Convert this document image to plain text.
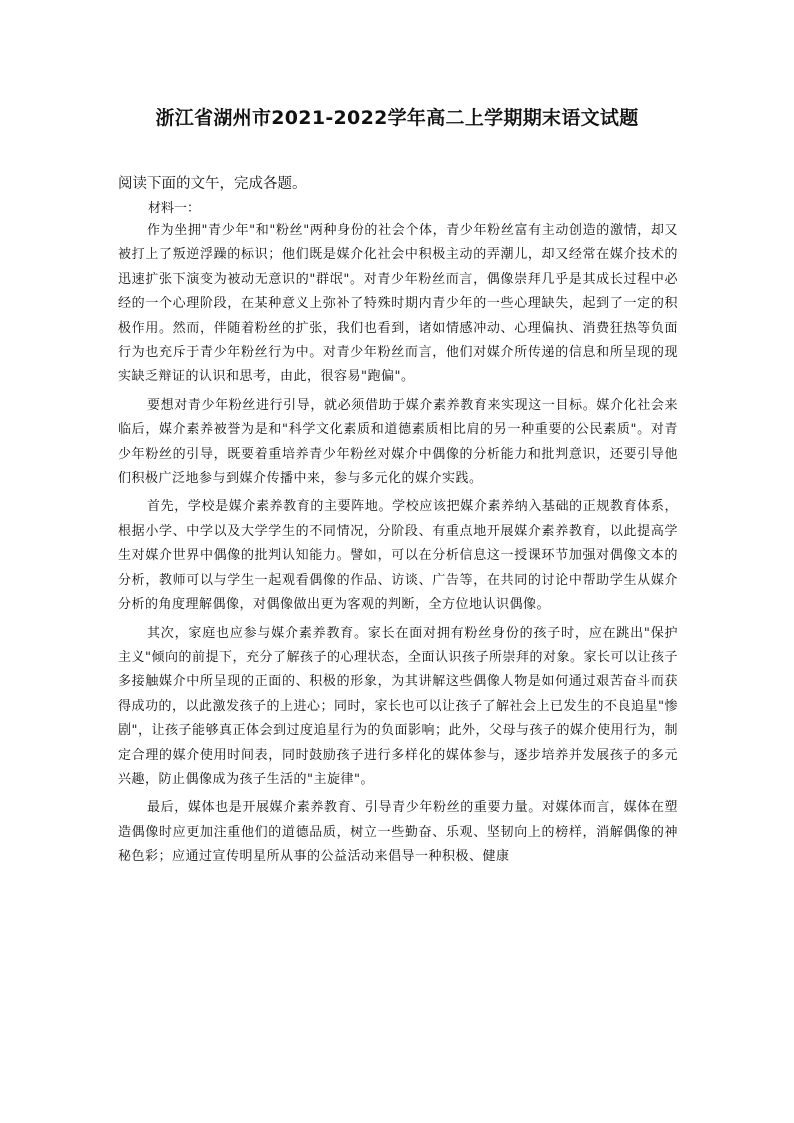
浙江省湖州市2021-2022学年高二上学期期末语文试题

阅读下面的文午，完成各题。

材料一：

作为坐拥"青少年"和"粉丝"两种身份的社会个体，青少年粉丝富有主动创造的激情，却又被打上了叛逆浮躁的标识；他们既是媒介化社会中积极主动的弄潮儿，却又经常在媒介技术的迅速扩张下演变为被动无意识的"群氓"。对青少年粉丝而言，偶像崇拜几乎是其成长过程中必经的一个心理阶段，在某种意义上弥补了特殊时期内青少年的一些心理缺失，起到了一定的积极作用。然而，伴随着粉丝的扩张，我们也看到，诸如情感冲动、心理偏执、消费狂热等负面行为也充斥于青少年粉丝行为中。对青少年粉丝而言，他们对媒介所传递的信息和所呈现的现实缺乏辩证的认识和思考，由此，很容易"跑偏"。

要想对青少年粉丝进行引导，就必须借助于媒介素养教育来实现这一目标。媒介化社会来临后，媒介素养被誉为是和"科学文化素质和道德素质相比肩的另一种重要的公民素质"。对青少年粉丝的引导，既要着重培养青少年粉丝对媒介中偶像的分析能力和批判意识，还要引导他们积极广泛地参与到媒介传播中来，参与多元化的媒介实践。

首先，学校是媒介素养教育的主要阵地。学校应该把媒介素养纳入基础的正规教育体系，根据小学、中学以及大学学生的不同情况，分阶段、有重点地开展媒介素养教育，以此提高学生对媒介世界中偶像的批判认知能力。譬如，可以在分析信息这一授课环节加强对偶像文本的分析，教师可以与学生一起观看偶像的作品、访谈、广告等，在共同的讨论中帮助学生从媒介分析的角度理解偶像，对偶像做出更为客观的判断，全方位地认识偶像。

其次，家庭也应参与媒介素养教育。家长在面对拥有粉丝身份的孩子时，应在跳出"保护主义"倾向的前提下，充分了解孩子的心理状态，全面认识孩子所崇拜的对象。家长可以让孩子多接触媒介中所呈现的正面的、积极的形象，为其讲解这些偶像人物是如何通过艰苦奋斗而获得成功的，以此激发孩子的上进心；同时，家长也可以让孩子了解社会上已发生的不良追星"惨剧"，让孩子能够真正体会到过度追星行为的负面影响；此外，父母与孩子的媒介使用行为，制定合理的媒介使用时间表，同时鼓励孩子进行多样化的媒体参与，逐步培养并发展孩子的多元兴趣，防止偶像成为孩子生活的"主旋律"。

最后，媒体也是开展媒介素养教育、引导青少年粉丝的重要力量。对媒体而言，媒体在塑造偶像时应更加注重他们的道德品质，树立一些勤奋、乐观、坚韧向上的榜样，消解偶像的神秘色彩；应通过宣传明星所从事的公益活动来倡导一种积极、健康
